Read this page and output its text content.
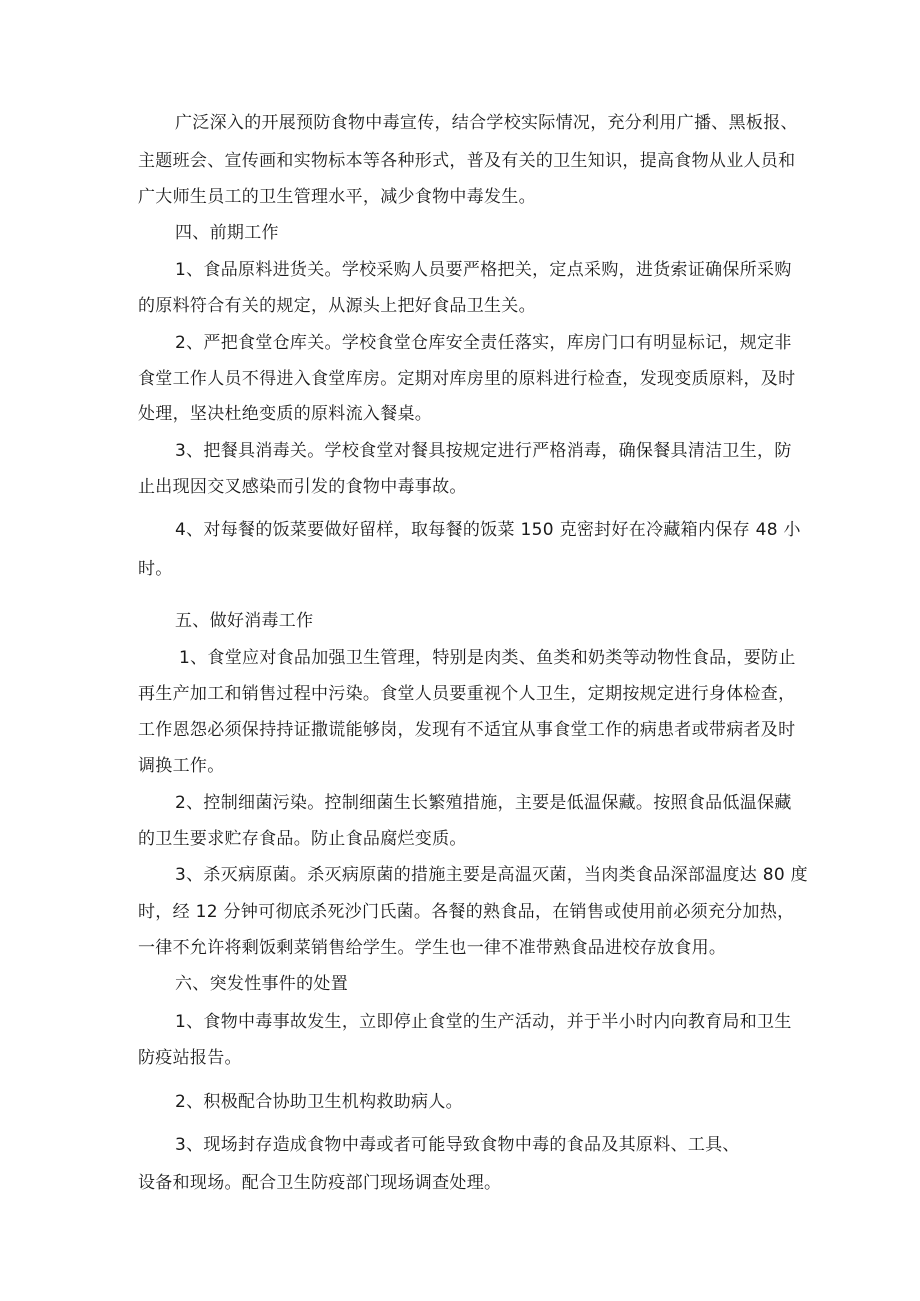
广泛深入的开展预防食物中毒宣传，结合学校实际情况，充分利用广播、黑板报、
主题班会、宣传画和实物标本等各种形式，普及有关的卫生知识，提高食物从业人员和
广大师生员工的卫生管理水平，减少食物中毒发生。
四、前期工作
1、食品原料进货关。学校采购人员要严格把关，定点采购，进货索证确保所采购
的原料符合有关的规定，从源头上把好食品卫生关。
2、严把食堂仓库关。学校食堂仓库安全责任落实，库房门口有明显标记，规定非
食堂工作人员不得进入食堂库房。定期对库房里的原料进行检查，发现变质原料，及时
处理，坚决杜绝变质的原料流入餐桌。
3、把餐具消毒关。学校食堂对餐具按规定进行严格消毒，确保餐具清洁卫生，防
止出现因交叉感染而引发的食物中毒事故。
4、对每餐的饭菜要做好留样，取每餐的饭菜 150 克密封好在冷藏箱内保存 48 小
时。
五、做好消毒工作
1、食堂应对食品加强卫生管理，特别是肉类、鱼类和奶类等动物性食品，要防止
再生产加工和销售过程中污染。食堂人员要重视个人卫生，定期按规定进行身体检查，
工作恩怨必须保持持证撒谎能够岗，发现有不适宜从事食堂工作的病患者或带病者及时
调换工作。
2、控制细菌污染。控制细菌生长繁殖措施，主要是低温保藏。按照食品低温保藏
的卫生要求贮存食品。防止食品腐烂变质。
3、杀灭病原菌。杀灭病原菌的措施主要是高温灭菌，当肉类食品深部温度达 80 度
时，经 12 分钟可彻底杀死沙门氏菌。各餐的熟食品，在销售或使用前必须充分加热，
一律不允许将剩饭剩菜销售给学生。学生也一律不准带熟食品进校存放食用。
六、突发性事件的处置
1、食物中毒事故发生，立即停止食堂的生产活动，并于半小时内向教育局和卫生
防疫站报告。
2、积极配合协助卫生机构救助病人。
3、现场封存造成食物中毒或者可能导致食物中毒的食品及其原料、工具、
设备和现场。配合卫生防疫部门现场调查处理。
